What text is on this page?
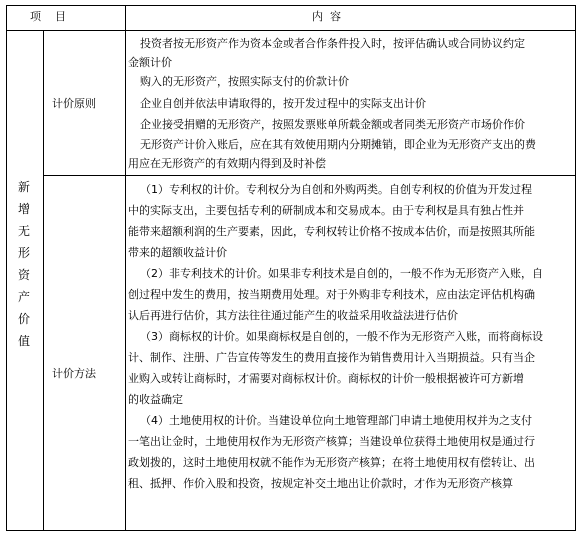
项    目	内  容
新
增
无
形
资
产
价
值
计价原则
投资者按无形资产作为资本金或者合作条件投入时，按评估确认或合同协议约定
金额计价
购入的无形资产，按照实际支付的价款计价
企业自创并依法申请取得的，按开发过程中的实际支出计价
企业接受捐赠的无形资产，按照发票账单所载金额或者同类无形资产市场价作价
无形资产计价入账后，应在其有效使用期内分期摊销，即企业为无形资产支出的费
用应在无形资产的有效期内得到及时补偿
计价方法
（1）专利权的计价。专利权分为自创和外购两类。自创专利权的价值为开发过程
中的实际支出，主要包括专利的研制成本和交易成本。由于专利权是具有独占性并
能带来超额利润的生产要素，因此，专利权转让价格不按成本估价，而是按照其所能
带来的超额收益计价
（2）非专利技术的计价。如果非专利技术是自创的，一般不作为无形资产入账，自
创过程中发生的费用，按当期费用处理。对于外购非专利技术，应由法定评估机构确
认后再进行估价，其方法往往通过能产生的收益采用收益法进行估价
（3）商标权的计价。如果商标权是自创的，一般不作为无形资产入账，而将商标设
计、制作、注册、广告宣传等发生的费用直接作为销售费用计入当期损益。只有当企
业购入或转让商标时，才需要对商标权计价。商标权的计价一般根据被许可方新增
的收益确定
（4）土地使用权的计价。当建设单位向土地管理部门申请土地使用权并为之支付
一笔出让金时，土地使用权作为无形资产核算；当建设单位获得土地使用权是通过行
政划拨的，这时土地使用权就不能作为无形资产核算；在将土地使用权有偿转让、出
租、抵押、作价入股和投资，按规定补交土地出让价款时，才作为无形资产核算
